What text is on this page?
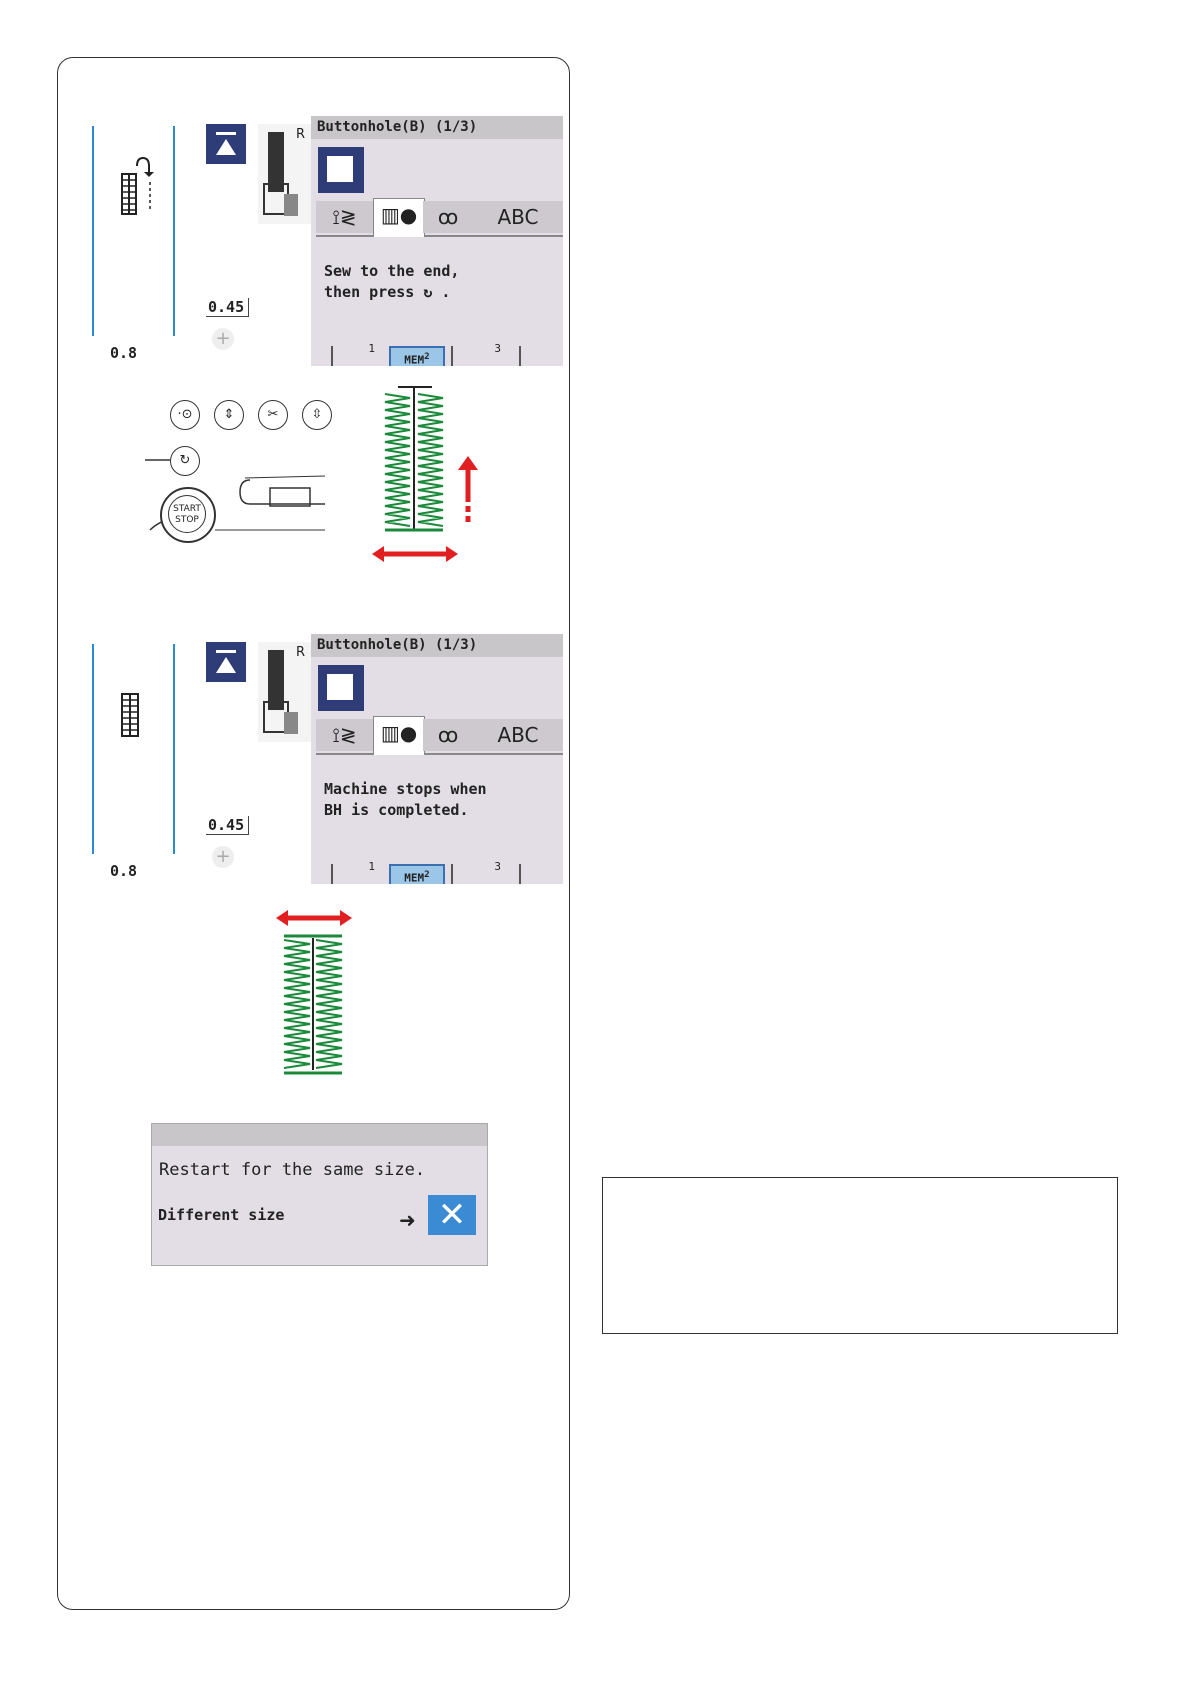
R
0.45
+
0.8
Buttonhole(B) (1/3)
⟟≷	▥●	ꝏ	ABC
Sew to the end,
then press ↻ .
1
MEM$^2$
3
·⊙	⇕	✂	⇳
↻
START
STOP
R
0.45
+
0.8
Buttonhole(B) (1/3)
⟟≷	▥●	ꝏ	ABC
Machine stops when
BH is completed.
1
MEM$^2$
3
Restart for the same size.
Different size	➜ ✕
